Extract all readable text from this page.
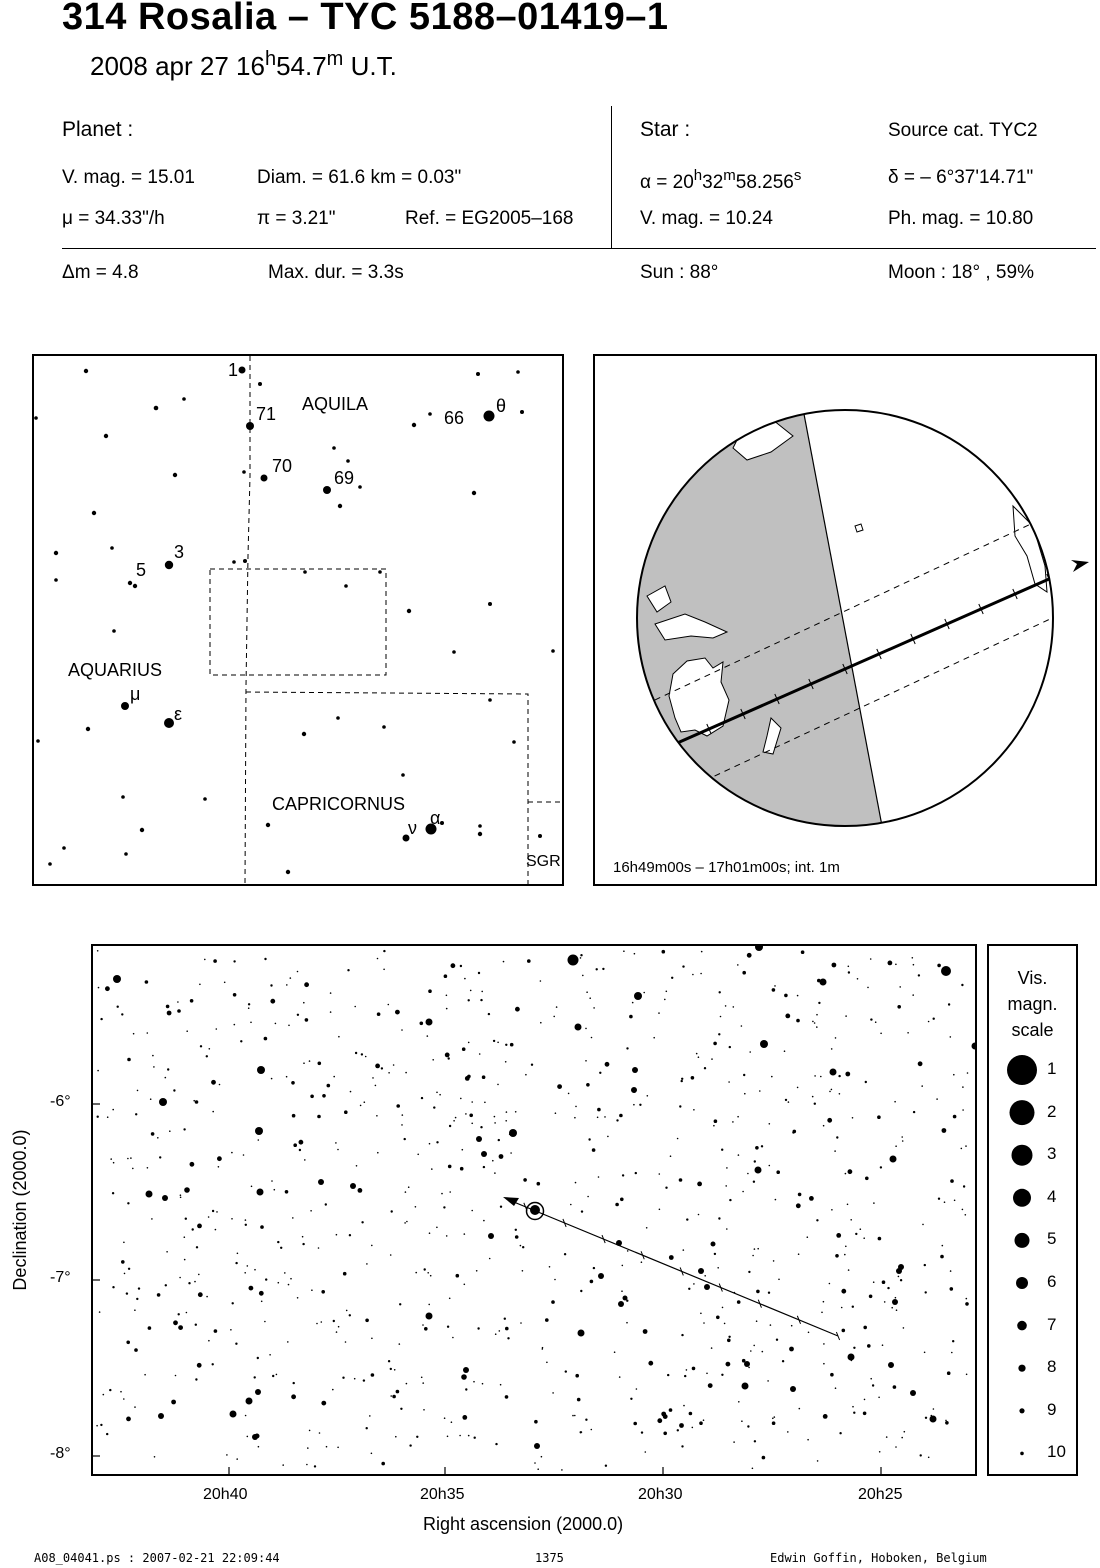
314 Rosalia – TYC 5188–01419–1
2008 apr 27 16$^h$54.7$^m$ U.T.
Planet :
V. mag. = 15.01	Diam. = 61.6 km = 0.03"
μ = 34.33"/h	π = 3.21"	Ref. = EG2005–168
Star :	Source cat. TYC2
$\alpha = 20^h32^m58.256^s$	δ = – 6°37'14.71"
V. mag. = 10.24	Ph. mag. = 10.80
Δm = 4.8	Max. dur. = 3.3s	Sun : 88°	Moon : 18° , 59%
AQUILA
AQUARIUS
CAPRICORNUS
SGR
1
71
70
69
66
θ
3
5
μ
ε
ν α
16h49m00s – 17h01m00s; int. 1m
-6°
-7°
-8°
20h40	20h35	20h30	20h25
Right ascension (2000.0)
Declination (2000.0)
Vis.
magn.
scale
1
2
3
4
5
6
7
8
9
10
A08_04041.ps : 2007-02-21 22:09:44	1375	Edwin Goffin, Hoboken, Belgium
